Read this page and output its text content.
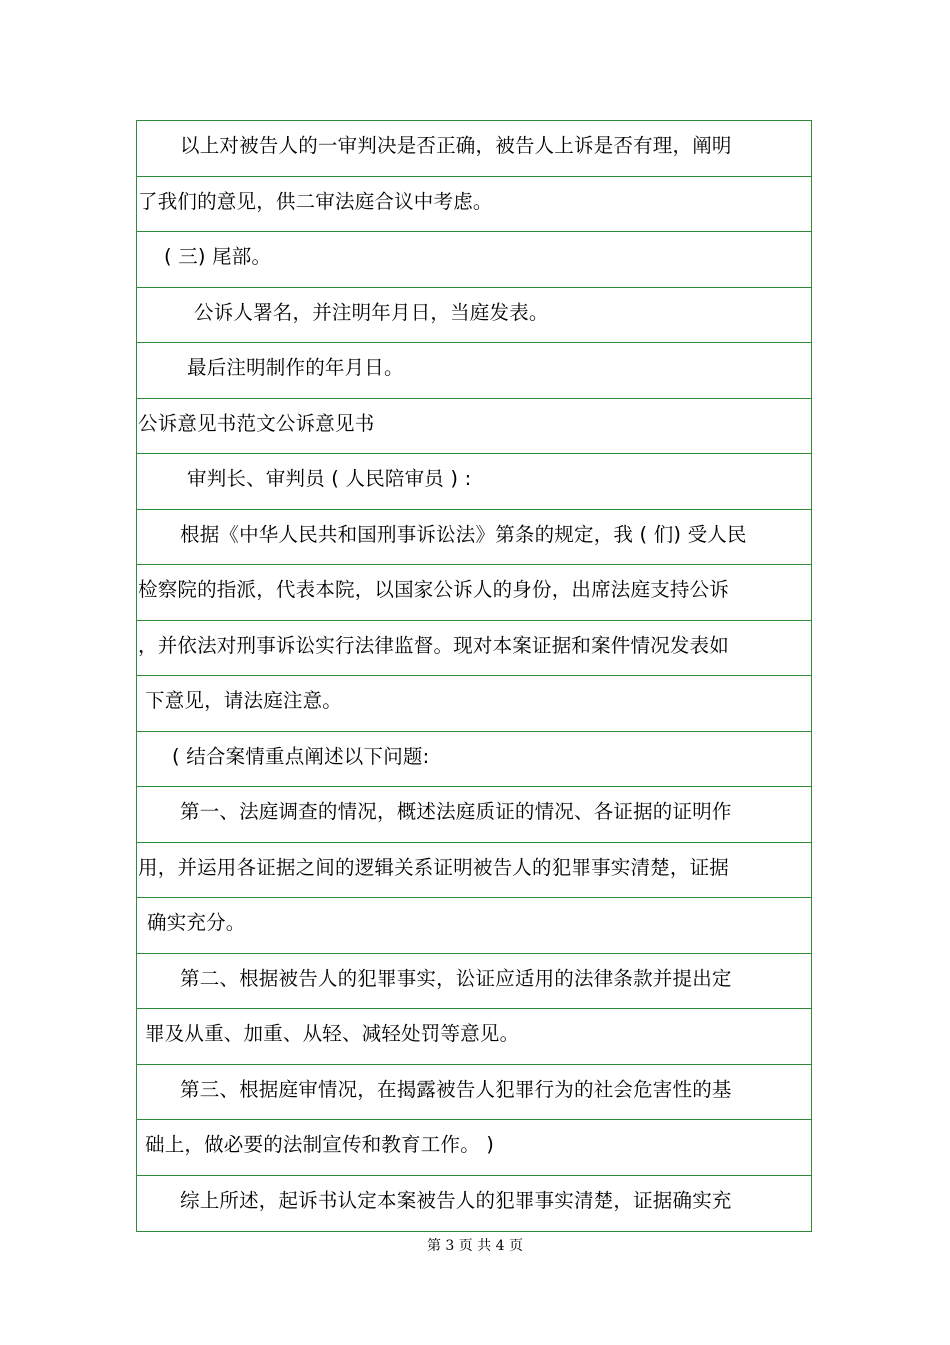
以上对被告人的一审判决是否正确，被告人上诉是否有理，阐明
了我们的意见，供二审法庭合议中考虑。
( 三) 尾部。
公诉人署名，并注明年月日，当庭发表。
最后注明制作的年月日。
公诉意见书范文公诉意见书
审判长、审判员 ( 人民陪审员 ) :
根据《中华人民共和国刑事诉讼法》第条的规定，我 ( 们) 受人民
检察院的指派，代表本院，以国家公诉人的身份，出席法庭支持公诉
，并依法对刑事诉讼实行法律监督。现对本案证据和案件情况发表如
下意见，请法庭注意。
( 结合案情重点阐述以下问题:
第一、法庭调查的情况，概述法庭质证的情况、各证据的证明作
用，并运用各证据之间的逻辑关系证明被告人的犯罪事实清楚，证据
确实充分。
第二、根据被告人的犯罪事实，讼证应适用的法律条款并提出定
罪及从重、加重、从轻、减轻处罚等意见。
第三、根据庭审情况，在揭露被告人犯罪行为的社会危害性的基
础上，做必要的法制宣传和教育工作。 )
综上所述，起诉书认定本案被告人的犯罪事实清楚，证据确实充
第 3 页 共 4 页
